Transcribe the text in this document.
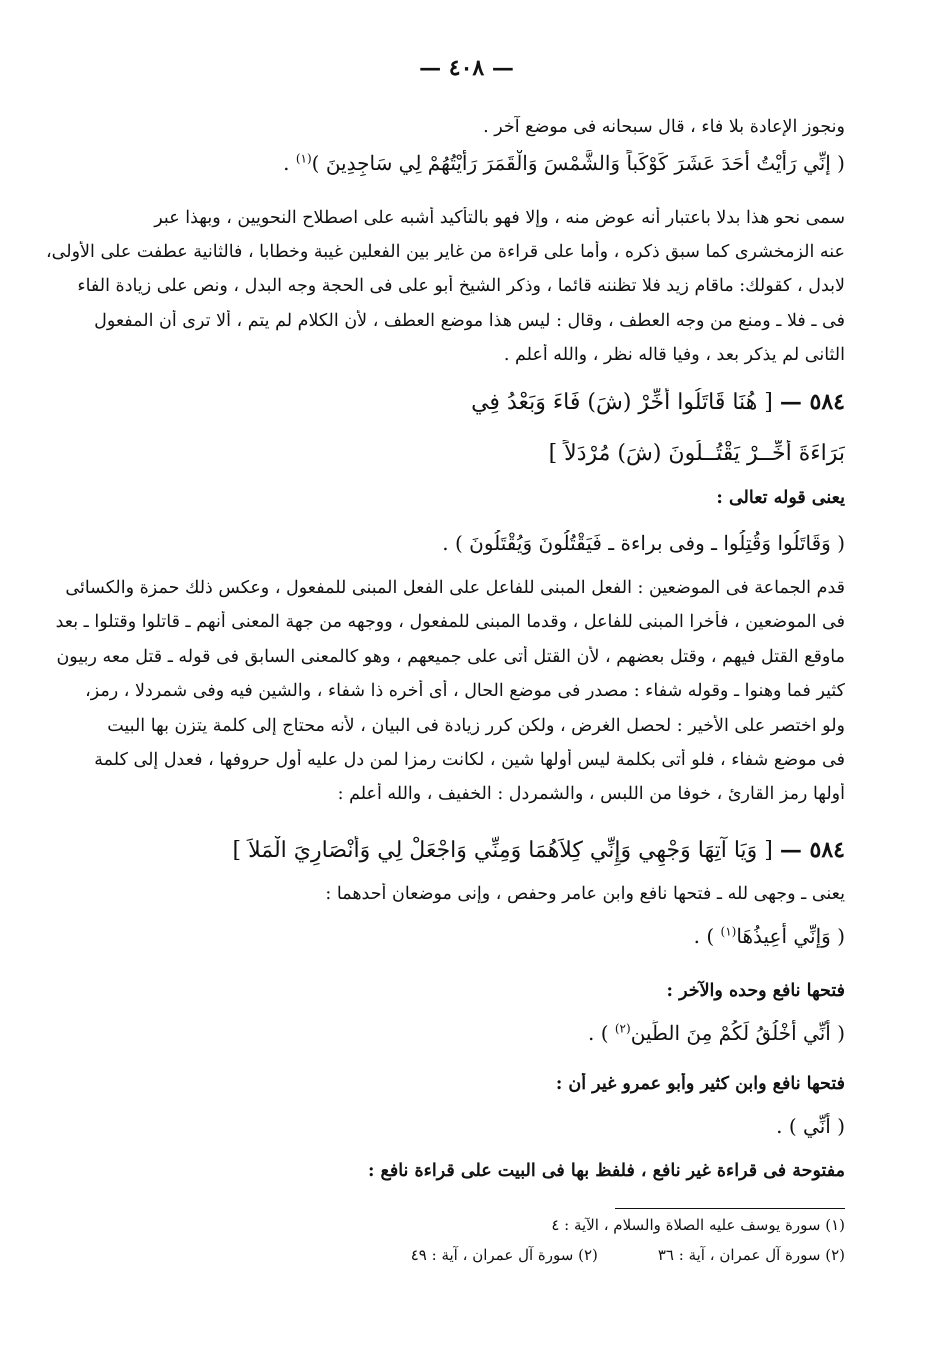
— ٤٠٨ —
ونجوز الإعادة بلا فاء ، قال سبحانه فى موضع آخر .
( إِنِّي رَأَيْتُ أَحَدَ عَشَرَ كَوْكَباً وَالشَّمْسَ وَالْقَمَرَ رَأَيْتُهُمْ لِي سَاجِدِينَ )$^{(١)}$ .
سمى نحو هذا بدلا باعتبار أنه عوض منه ، وإلا فهو بالتأكيد أشبه على اصطلاح النحويين ، وبهذا عبر
عنه الزمخشرى كما سبق ذكره ، وأما على قراءة من غاير بين الفعلين غيبة وخطابا ، فالثانية عطفت على الأولى،
لابدل ، كقولك: ماقام زيد فلا تظننه قائما ، وذكر الشيخ أبو على فى الحجة وجه البدل ، ونص على زيادة الفاء
فى ـ فلا ـ ومنع من وجه العطف ، وقال : ليس هذا موضع العطف ، لأن الكلام لم يتم ، ألا ترى أن المفعول
الثانى لم يذكر بعد ، وفيا قاله نظر ، والله أعلم .
٥٨٤ — [ هُنَا قَاتَلُوا أَخِّرْ (شَ) فَاءَ وَبَعْدُ فِي
بَرَاءَةَ أَخِّــرْ يَقْتُــلُونَ (شَ) مُرْدَلاً ]
يعنى قوله تعالى :
( وَقَاتَلُوا وَقُتِلُوا ـ وفى براءة ـ فَيَقْتُلُونَ وَيُقْتَلُونَ ) .
قدم الجماعة فى الموضعين : الفعل المبنى للفاعل على الفعل المبنى للمفعول ، وعكس ذلك حمزة والكسائى
فى الموضعين ، فأخرا المبنى للفاعل ، وقدما المبنى للمفعول ، ووجهه من جهة المعنى أنهم ـ قاتلوا وقتلوا ـ بعد
ماوقع القتل فيهم ، وقتل بعضهم ، لأن القتل أتى على جميعهم ، وهو كالمعنى السابق فى قوله ـ قتل معه ربيون
كثير فما وهنوا ـ وقوله شفاء : مصدر فى موضع الحال ، أى أخره ذا شفاء ، والشين فيه وفى شمردلا ، رمز،
ولو اختصر على الأخير : لحصل الغرض ، ولكن كرر زيادة فى البيان ، لأنه محتاج إلى كلمة يتزن بها البيت
فى موضع شفاء ، فلو أتى بكلمة ليس أولها شين ، لكانت رمزا لمن دل عليه أول حروفها ، فعدل إلى كلمة
أولها رمز القارئ ، خوفا من اللبس ، والشمردل : الخفيف ، والله أعلم :
٥٨٤ — [ وَيَا آتِهَا وَجْهِي وَإِنِّي كِلاَهُمَا وَمِنِّي وَاجْعَلْ لِي وَأَنْصَارِيَ الْمَلاَ ]
يعنى ـ وجهى لله ـ فتحها نافع وابن عامر وحفص ، وإنى موضعان أحدهما :
( وَإِنِّي أُعِيذُهَا$^{(١)}$ ) .
فتحها نافع وحده والآخر :
( أَنِّي أَخْلُقُ لَكُمْ مِنَ الطِّينِ$^{(٢)}$ ) .
فتحها نافع وابن كثير وأبو عمرو غير أن :
( أَنِّي ) .
مفتوحة فى قراءة غير نافع ، فلفظ بها فى البيت على قراءة نافع :
(١) سورة يوسف عليه الصلاة والسلام ، الآية : ٤
(٢) سورة آل عمران ، آية : ٣٦(٢) سورة آل عمران ، آية : ٤٩
